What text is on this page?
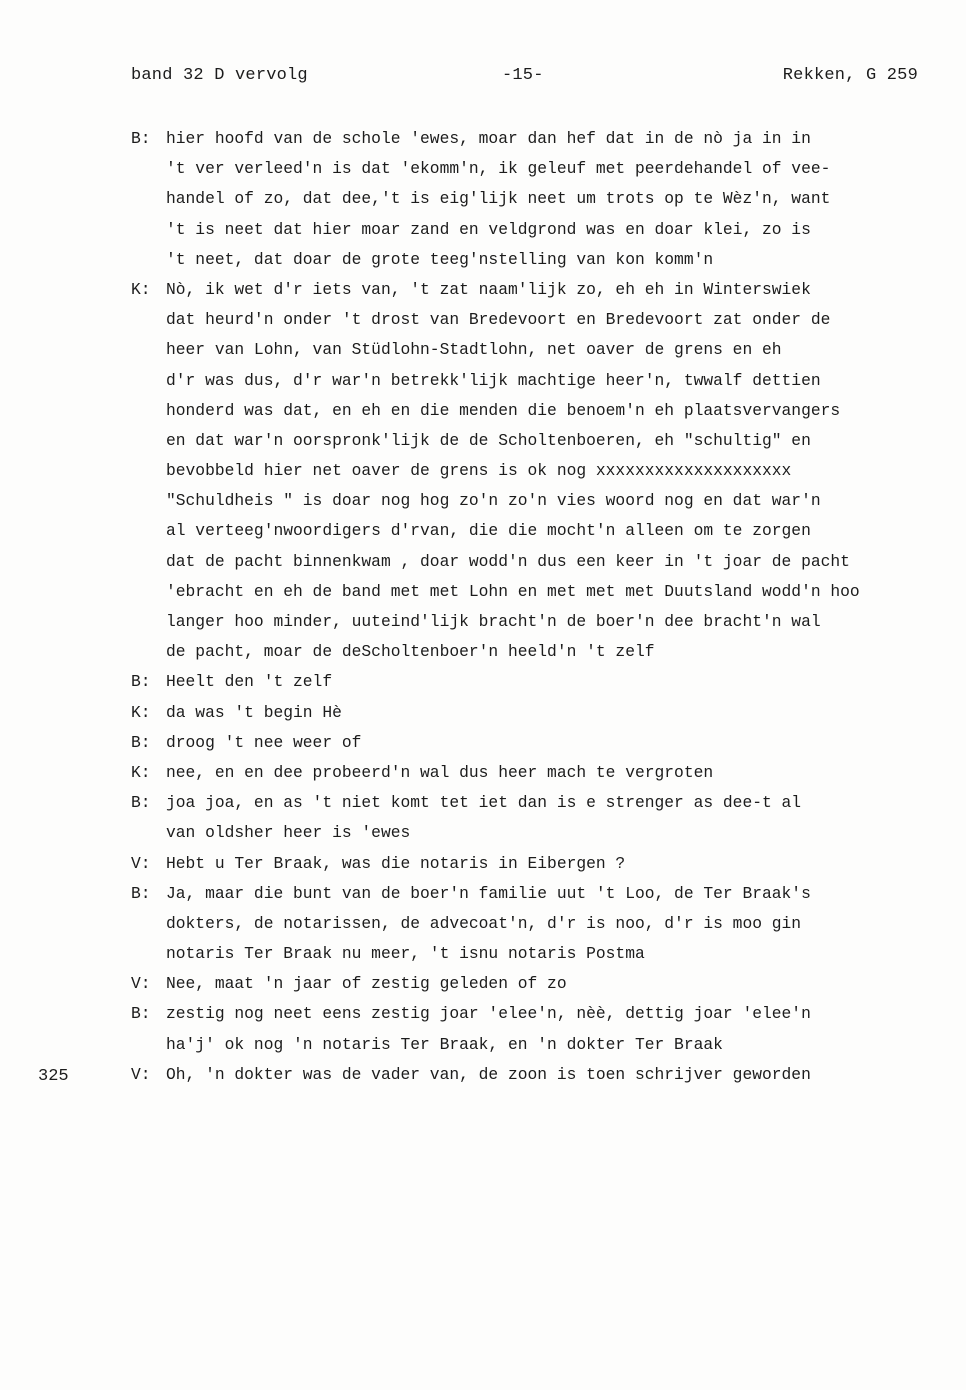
band 32 D vervolg	-15-	Rekken, G 259
325
B: hier hoofd van de schole 'ewes, moar dan hef dat in de nò ja in in
't ver verleed'n is dat 'ekomm'n, ik geleuf met peerdehandel of vee-
handel of zo, dat dee,'t is eig'lijk neet um trots op te Wèz'n, want
't is neet dat hier moar zand en veldgrond was en doar klei, zo is
't neet, dat doar de grote teeg'nstelling van kon komm'n
K: Nò, ik wet d'r iets van, 't zat naam'lijk zo, eh eh in Winterswiek
dat heurd'n onder 't drost van Bredevoort en Bredevoort zat onder de
heer van Lohn, van Stüdlohn-Stadtlohn, net oaver de grens en eh
d'r was dus, d'r war'n betrekk'lijk machtige heer'n, twwalf dettien
honderd was dat, en eh en die menden die benoem'n eh plaatsvervangers
en dat war'n oorspronk'lijk de de Scholtenboeren, eh "schultig" en
bevobbeld hier net oaver de grens is ok nog xxxxxxxxxxxxxxxxxxxx
"Schuldheis " is doar nog hog zo'n zo'n vies woord nog en dat war'n
al verteeg'nwoordigers d'rvan, die die mocht'n alleen om te zorgen
dat de pacht binnenkwam , doar wodd'n dus een keer in 't joar de pacht
'ebracht en eh de band met met Lohn en met met met Duutsland wodd'n hoo
langer hoo minder, uuteind'lijk bracht'n de boer'n dee bracht'n wal
de pacht, moar de deScholtenboer'n heeld'n 't zelf
B: Heelt den 't zelf
K: da was 't begin Hè
B: droog 't nee weer of
K: nee, en en dee probeerd'n wal dus heer mach te vergroten
B: joa joa, en as 't niet komt tet iet dan is e strenger as dee-t al
van oldsher heer is 'ewes
V: Hebt u Ter Braak, was die notaris in Eibergen ?
B: Ja, maar die bunt van de boer'n familie uut 't Loo, de Ter Braak's
dokters, de notarissen, de advecoat'n, d'r is noo, d'r is moo gin
notaris Ter Braak nu meer, 't isnu notaris Postma
V: Nee, maat 'n jaar of zestig geleden of zo
B: zestig nog neet eens zestig joar 'elee'n, nèè, dettig joar 'elee'n
ha'j' ok nog 'n notaris Ter Braak, en 'n dokter Ter Braak
V: Oh, 'n dokter was de vader van, de zoon is toen schrijver geworden
